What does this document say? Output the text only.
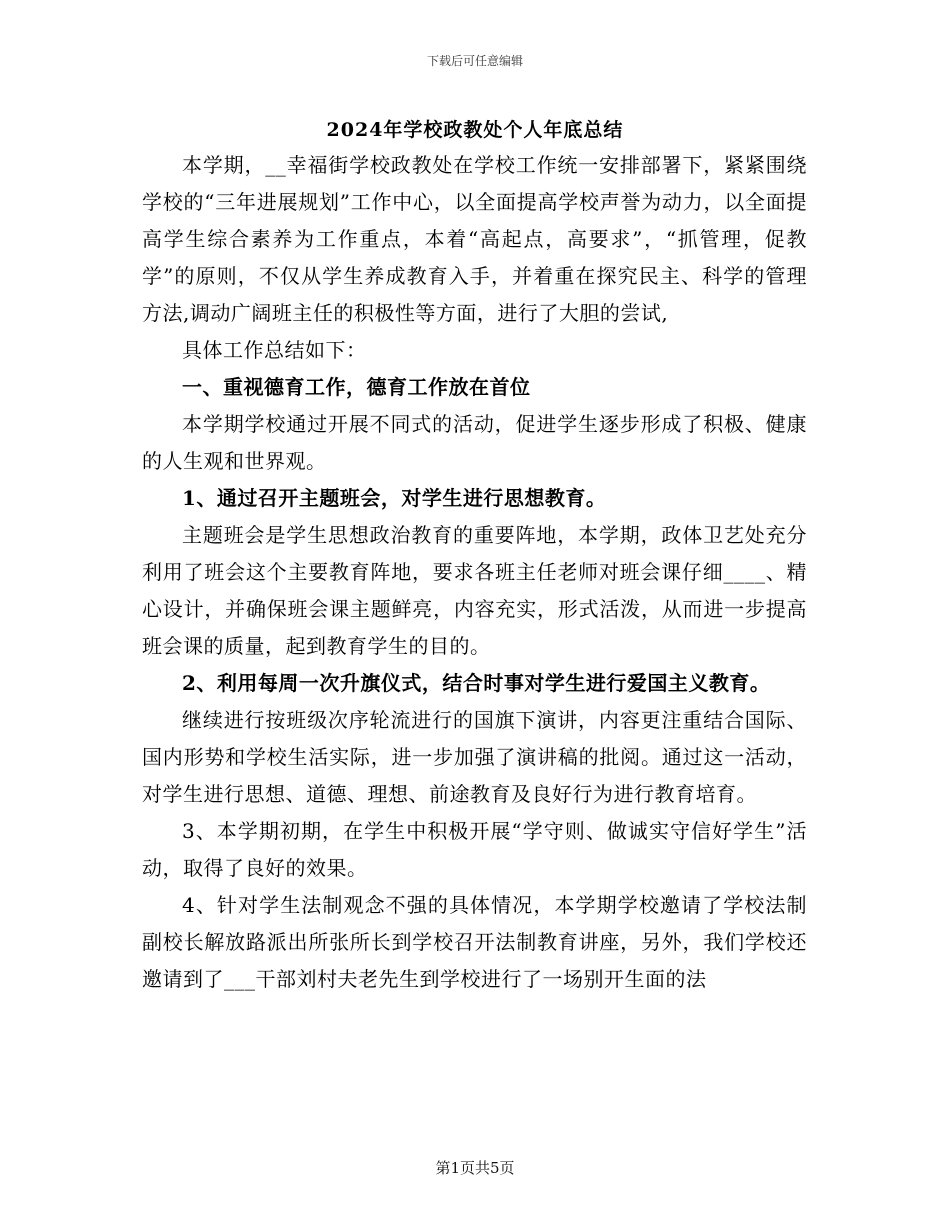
下载后可任意编辑
2024年学校政教处个人年底总结

本学期，__幸福街学校政教处在学校工作统一安排部署下，紧紧围绕学校的“三年进展规划”工作中心，以全面提高学校声誉为动力，以全面提高学生综合素养为工作重点，本着“高起点，高要求”，“抓管理，促教学”的原则，不仅从学生养成教育入手，并着重在探究民主、科学的管理方法,调动广阔班主任的积极性等方面，进行了大胆的尝试,

具体工作总结如下：

一、重视德育工作，德育工作放在首位

本学期学校通过开展不同式的活动，促进学生逐步形成了积极、健康的人生观和世界观。

1、通过召开主题班会，对学生进行思想教育。

主题班会是学生思想政治教育的重要阵地，本学期，政体卫艺处充分利用了班会这个主要教育阵地，要求各班主任老师对班会课仔细____、精心设计，并确保班会课主题鲜亮，内容充实，形式活泼，从而进一步提高班会课的质量，起到教育学生的目的。

2、利用每周一次升旗仪式，结合时事对学生进行爱国主义教育。

继续进行按班级次序轮流进行的国旗下演讲，内容更注重结合国际、国内形势和学校生活实际，进一步加强了演讲稿的批阅。通过这一活动，对学生进行思想、道德、理想、前途教育及良好行为进行教育培育。

3、本学期初期，在学生中积极开展“学守则、做诚实守信好学生”活动，取得了良好的效果。

4、针对学生法制观念不强的具体情况，本学期学校邀请了学校法制副校长解放路派出所张所长到学校召开法制教育讲座，另外，我们学校还邀请到了___干部刘村夫老先生到学校进行了一场别开生面的法

第1页共5页
